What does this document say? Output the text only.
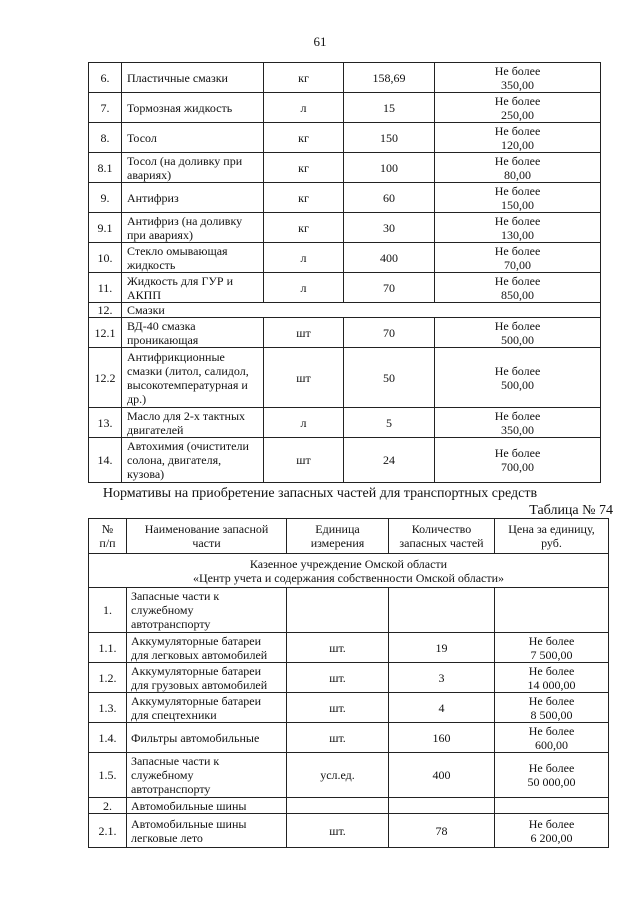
61
6.	Пластичные смазки	кг	158,69	Не более
350,00
7.	Тормозная жидкость	л	15	Не более
250,00
8.	Тосол	кг	150	Не более
120,00
8.1	Тосол (на доливку при
авариях)	кг	100	Не более
80,00
9.	Антифриз	кг	60	Не более
150,00
9.1	Антифриз (на доливку
при авариях)	кг	30	Не более
130,00
10.	Стекло омывающая
жидкость	л	400	Не более
70,00
11.	Жидкость для ГУР и
АКПП	л	70	Не более
850,00
12.	Смазки			
12.1	ВД-40 смазка
проникающая	шт	70	Не более
500,00
12.2	Антифрикционные
смазки (литол, салидол,
высокотемпературная и
др.)	шт	50	Не более
500,00
13.	Масло для 2-х тактных
двигателей	л	5	Не более
350,00
14.	Автохимия (очистители
солона, двигателя,
кузова)	шт	24	Не более
700,00
Нормативы на приобретение запасных частей для транспортных средств
Таблица № 74
№
п/п	Наименование запасной
части	Единица
измерения	Количество
запасных частей	Цена за единицу,
руб.
Казенное учреждение Омской области
«Центр учета и содержания собственности Омской области»				
1.	Запасные части к
служебному
автотранспорту			
1.1.	Аккумуляторные батареи
для легковых автомобилей	шт.	19	Не более
7 500,00
1.2.	Аккумуляторные батареи
для грузовых автомобилей	шт.	3	Не более
14 000,00
1.3.	Аккумуляторные батареи
для спецтехники	шт.	4	Не более
8 500,00
1.4.	Фильтры автомобильные	шт.	160	Не более
600,00
1.5.	Запасные части к
служебному
автотранспорту	усл.ед.	400	Не более
50 000,00
2.	Автомобильные шины			
2.1.	Автомобильные шины
легковые лето	шт.	78	Не более
6 200,00
